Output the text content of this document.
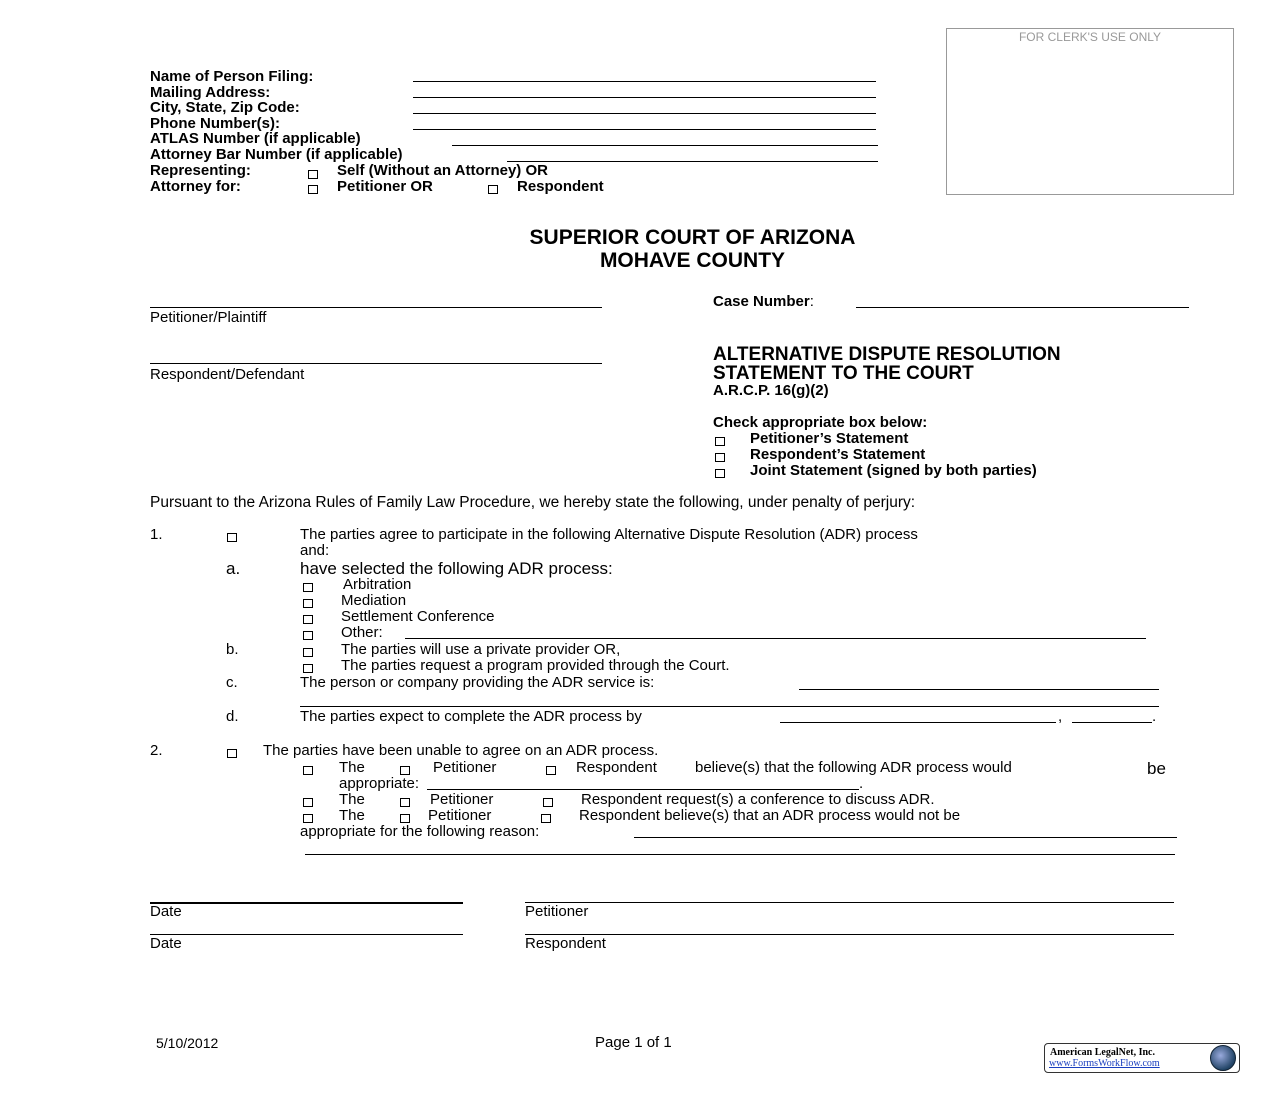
FOR CLERK'S USE ONLY
Name of Person Filing:
Mailing Address:
City, State, Zip Code:
Phone Number(s):
ATLAS Number (if applicable)
Attorney Bar Number (if applicable)
Representing:	Self (Without an Attorney) OR
Attorney for:	Petitioner OR	Respondent
SUPERIOR COURT OF ARIZONA
MOHAVE COUNTY
Petitioner/Plaintiff
Respondent/Defendant
Case Number:
ALTERNATIVE DISPUTE RESOLUTION
STATEMENT TO THE COURT
A.R.C.P. 16(g)(2)
Check appropriate box below:
Petitioner’s Statement
Respondent’s Statement
Joint Statement (signed by both parties)
Pursuant to the Arizona Rules of Family Law Procedure, we hereby state the following, under penalty of perjury:
1.	The parties agree to participate in the following Alternative Dispute Resolution (ADR) process
and:
a.	have selected the following ADR process:
Arbitration
Mediation
Settlement Conference
Other:
b.	The parties will use a private provider OR,
The parties request a program provided through the Court.
c.	The person or company providing the ADR service is:
d.	The parties expect to complete the ADR process by	,	.
2.	The parties have been unable to agree on an ADR process.
The	Petitioner	Respondent	believe(s) that the following ADR process would	be
appropriate:	.
The	Petitioner	Respondent request(s) a conference to discuss ADR.
The	Petitioner	Respondent believe(s) that an ADR process would not be
appropriate for the following reason:
Date	Petitioner
Date	Respondent
5/10/2012	Page 1 of 1
American LegalNet, Inc.
www.FormsWorkFlow.com
